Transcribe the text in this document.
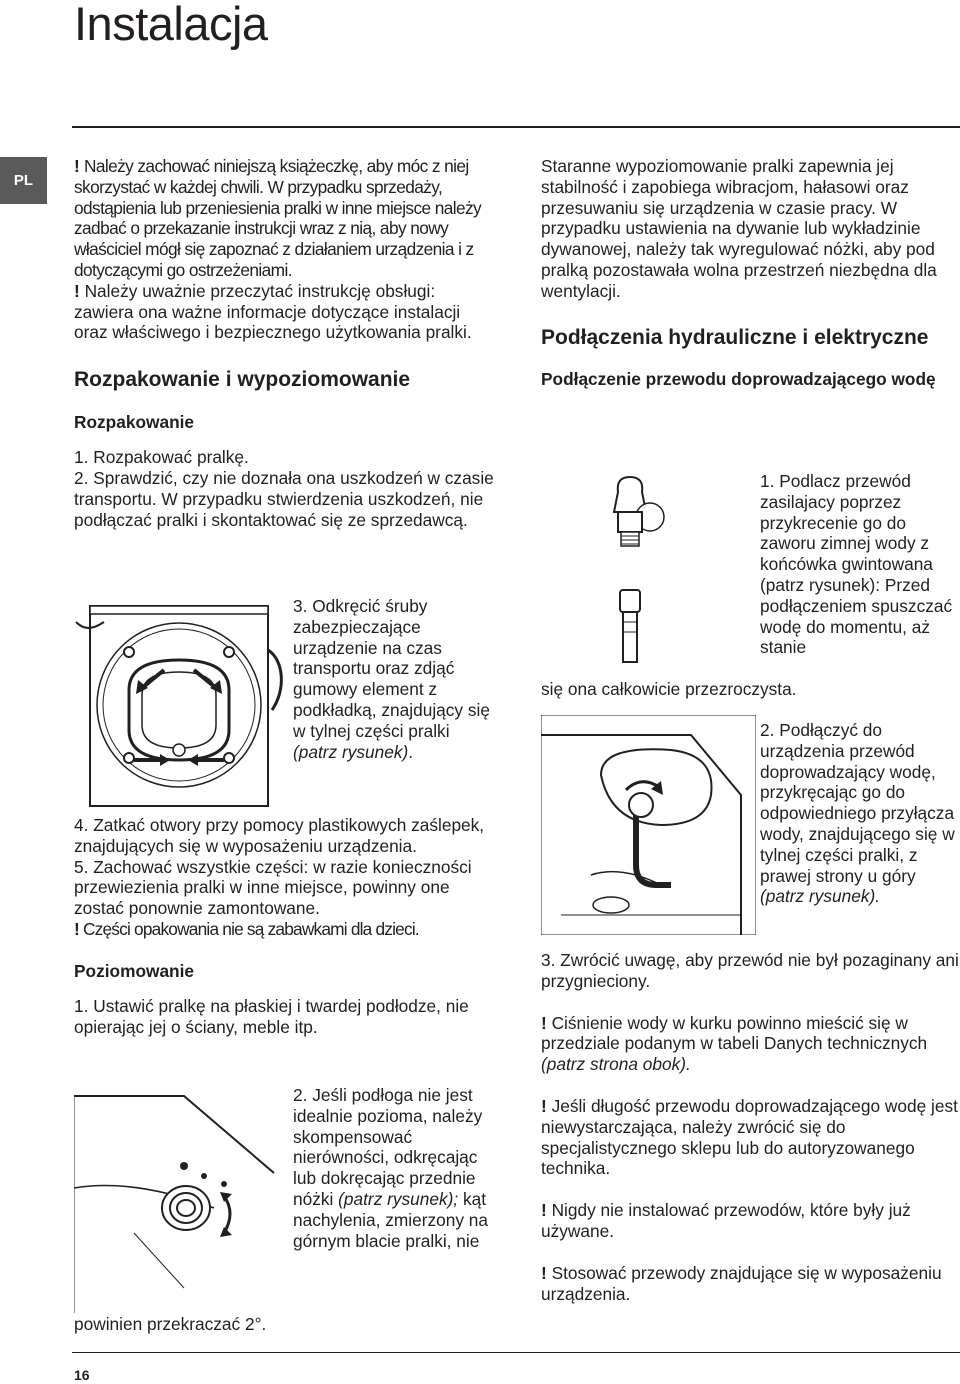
Instalacja
PL

! Należy zachować niniejszą książeczkę, aby móc z niej skorzystać w każdej chwili. W przypadku sprzedaży, odstąpienia lub przeniesienia pralki w inne miejsce należy zadbać o przekazanie instrukcji wraz z nią, aby nowy właściciel mógł się zapoznać z działaniem urządzenia i z dotyczącymi go ostrzeżeniami.

! Należy uważnie przeczytać instrukcję obsługi: zawiera ona ważne informacje dotyczące instalacji oraz właściwego i bezpiecznego użytkowania pralki.

Rozpakowanie i wypoziomowanie

Rozpakowanie

1. Rozpakować pralkę.

2. Sprawdzić, czy nie doznała ona uszkodzeń w czasie transportu. W przypadku stwierdzenia uszkodzeń, nie podłączać pralki i skontaktować się ze sprzedawcą.

3. Odkręcić śruby zabezpieczające urządzenie na czas transportu oraz zdjąć gumowy element z podkładką, znajdujący się w tylnej części pralki (patrz rysunek).

4. Zatkać otwory przy pomocy plastikowych zaślepek, znajdujących się w wyposażeniu urządzenia.

5. Zachować wszystkie części: w razie konieczności przewiezienia pralki w inne miejsce, powinny one zostać ponownie zamontowane.

! Części opakowania nie są zabawkami dla dzieci.

Poziomowanie

1. Ustawić pralkę na płaskiej i twardej podłodze, nie opierając jej o ściany, meble itp.

2. Jeśli podłoga nie jest idealnie pozioma, należy skompensować nierówności, odkręcając lub dokręcając przednie nóżki (patrz rysunek); kąt nachylenia, zmierzony na górnym blacie pralki, nie

powinien przekraczać 2°.

Staranne wypoziomowanie pralki zapewnia jej stabilność i zapobiega wibracjom, hałasowi oraz przesuwaniu się urządzenia w czasie pracy. W przypadku ustawienia na dywanie lub wykładzinie dywanowej, należy tak wyregulować nóżki, aby pod pralką pozostawała wolna przestrzeń niezbędna dla wentylacji.

Podłączenia hydrauliczne i elektryczne

Podłączenie przewodu doprowadzającego wodę

1. Podlacz przewód zasilajacy poprzez przykrecenie go do zaworu zimnej wody z końcówka gwintowana (patrz rysunek): Przed podłączeniem spuszczać wodę do momentu, aż stanie
się ona całkowicie przezroczysta.

2. Podłączyć do urządzenia przewód doprowadzający wodę, przykręcając go do odpowiedniego przyłącza wody, znajdującego się w tylnej części pralki, z prawej strony u góry (patrz rysunek).

3. Zwrócić uwagę, aby przewód nie był pozaginany ani przygnieciony.

! Ciśnienie wody w kurku powinno mieścić się w przedziale podanym w tabeli Danych technicznych (patrz strona obok).

! Jeśli długość przewodu doprowadzającego wodę jest niewystarczająca, należy zwrócić się do specjalistycznego sklepu lub do autoryzowanego technika.

! Nigdy nie instalować przewodów, które były już używane.

! Stosować przewody znajdujące się w wyposażeniu urządzenia.

16
